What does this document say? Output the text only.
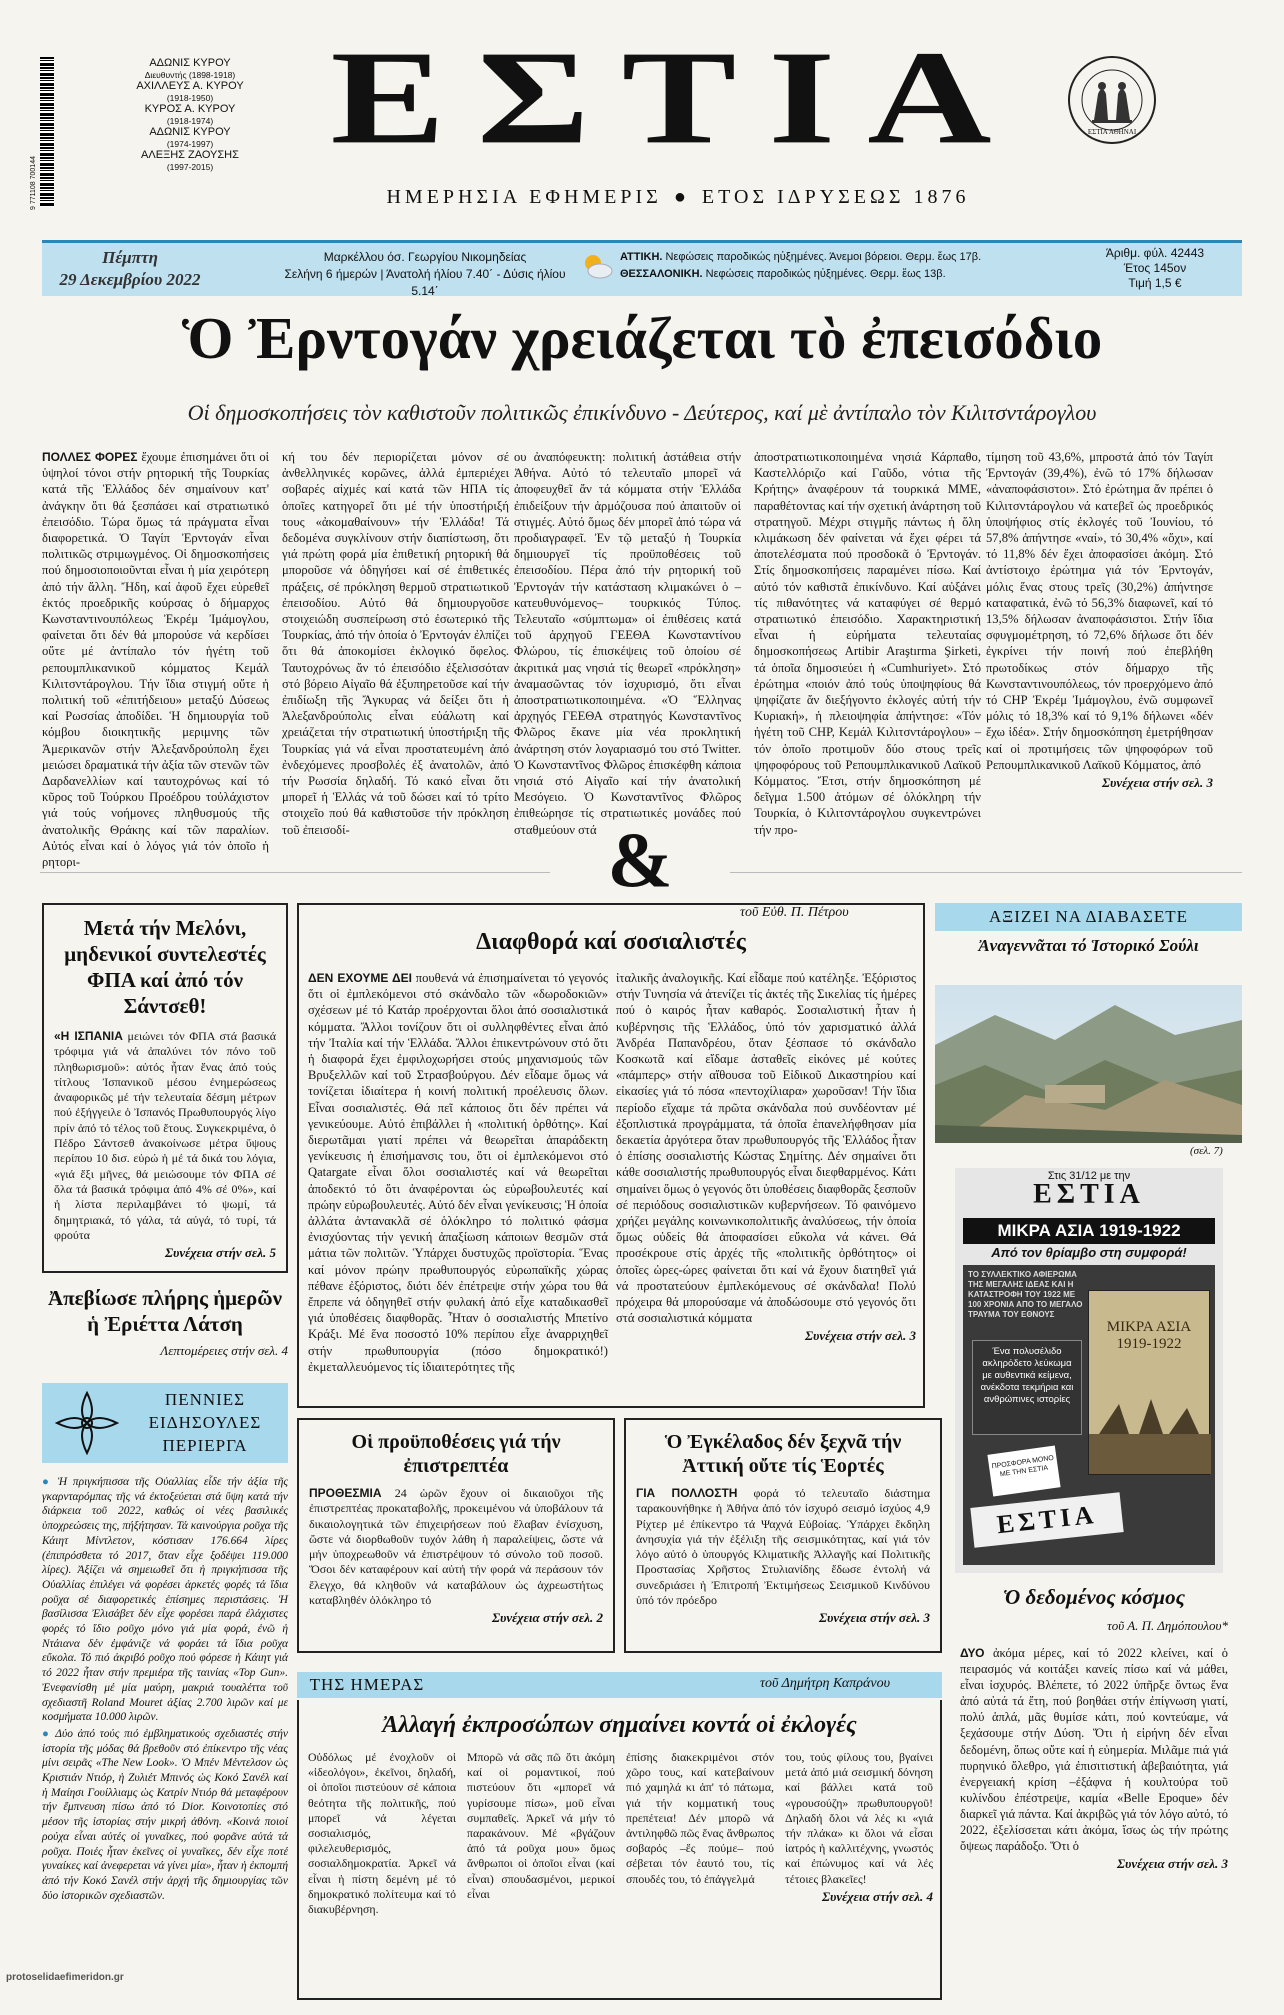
9 771108 700144
ΑΔΩΝΙΣ ΚΥΡΟΥ
Διευθυντής (1898-1918)
ΑΧΙΛΛΕΥΣ Α. ΚΥΡΟΥ
(1918-1950)
ΚΥΡΟΣ Α. ΚΥΡΟΥ
(1918-1974)
ΑΔΩΝΙΣ ΚΥΡΟΥ
(1974-1997)
ΑΛΕΞΗΣ ΖΑΟΥΣΗΣ
(1997-2015) ΕΣΤΙΑ
ΗΜΕΡΗΣΙΑ ΕΦΗΜΕΡΙΣ ● ΕΤΟΣ ΙΔΡΥΣΕΩΣ 1876
ΕΣΤΙΑ ΑΘΗΝΑΙ
Πέμπτη
29 Δεκεμβρίου 2022
Μαρκέλλου όσ. Γεωργίου Νικομηδείας
Σελήνη 6 ήμερών | Άνατολή ήλίου 7.40΄ - Δύσις ήλίου 5.14΄
ΑΤΤΙΚΗ. Νεφώσεις παροδικώς ηὐξημένες. Άνεμοι βόρειοι. Θερμ. ἕως 17β.
ΘΕΣΣΑΛΟΝΙΚΗ. Νεφώσεις παροδικώς ηὐξημένες. Θερμ. ἕως 13β.
Άριθμ. φύλ. 42443
Έτος 145ον
Τιμή 1,5 €
Ὁ Ἐρντογάν χρειάζεται τὸ ἐπεισόδιο
Οἱ δημοσκοπήσεις τὸν καθιστοῦν πολιτικῶς ἐπικίνδυνο - Δεύτερος, καί μὲ ἀντίπαλο τὸν Κιλιτσντάρογλου
ΠΟΛΛΕΣ ΦΟΡΕΣ ἔχουμε ἐπισημάνει ὅτι οἱ ὑψηλοί τόνοι στήν ρητορική τῆς Τουρκίας κατά τῆς Ἑλλάδος δέν σημαίνουν κατ' ἀνάγκην ὅτι θά ξεσπάσει καί στρατιωτικό ἐπεισόδιο. Τώρα ὅμως τά πράγματα εἶναι διαφορετικά. Ὁ Ταγίπ Ἐρντογάν εἶναι πολιτικῶς στριμωγμένος. Οἱ δημοσκοπήσεις πού δημοσιοποιοῦνται εἶναι ἡ μία χειρότερη ἀπό τήν ἄλλη. Ἤδη, καί ἀφοῦ ἔχει εὑρεθεῖ ἐκτός προεδρικῆς κούρσας ὁ δήμαρχος Κωνσταντινουπόλεως Ἐκρέμ Ἰμάμογλου, φαίνεται ὅτι δέν θά μπορούσε νά κερδίσει οὔτε μέ ἀντίπαλο τόν ἡγέτη τοῦ ρεπουμπλικανικοῦ κόμματος Κεμάλ Κιλιτσντάρογλου. Τήν ἴδια στιγμή οὔτε ἡ πολιτική τοῦ «ἐπιτήδειου» μεταξύ Δύσεως καί Ρωσσίας ἀποδίδει. Ἡ δημιουργία τοῦ κόμβου διοικητικῆς μεριμνης τῶν Ἀμερικανῶν στήν Ἀλεξανδρούπολη ἔχει μειώσει δραματικά τήν ἀξία τῶν στενῶν τῶν Δαρδανελλίων καί ταυτοχρόνως καί τό κῦρος τοῦ Τούρκου Προέδρου τοὐλάχιστον γιά τούς νοήμονες πληθυσμούς τῆς ἀνατολικῆς Θράκης καί τῶν παραλίων. Αὐτός εἶναι καί ὁ λόγος γιά τόν ὁποῖο ἡ ρητορι-
κή του δέν περιορίζεται μόνον σέ ἀνθελληνικές κορῶνες, ἀλλά ἐμπεριέχει σοβαρές αἰχμές καί κατά τῶν ΗΠΑ τίς ὁποῖες κατηγορεῖ ὅτι μέ τήν ὑποστήριξή τους «ἀκομαθαίνουν» τήν Ἑλλάδα! Τά δεδομένα συγκλίνουν στήν διαπίστωση, ὅτι γιά πρώτη φορά μία ἐπιθετική ρητορική θά μποροῦσε νά ὁδηγήσει καί σέ ἐπιθετικές πράξεις, σέ πρόκληση θερμοῦ στρατιωτικοῦ ἐπεισοδίου. Αὐτό θά δημιουργοῦσε στοιχειώδη συσπείρωση στό ἐσωτερικό τῆς Τουρκίας, ἀπό τήν ὁποία ὁ Ἐρντογάν ἐλπίζει ὅτι θά ἀποκομίσει ἐκλογικό ὄφελος. Ταυτοχρόνως ἄν τό ἐπεισόδιο ἐξελισσόταν στό βόρειο Αἰγαῖο θά ἐξυπηρετοῦσε καί τήν ἐπιδίωξη τῆς Ἄγκυρας νά δείξει ὅτι ἡ Ἀλεξανδρούπολις εἶναι εὐάλωτη καί χρειάζεται τήν στρατιωτική ὑποστήριξη τῆς Τουρκίας γιά νά εἶναι προστατευμένη ἀπό ἐνδεχόμενες προσβολές ἐξ ἀνατολῶν, ἀπό τήν Ρωσσία δηλαδή. Τό κακό εἶναι ὅτι μπορεῖ ἡ Ἑλλάς νά τοῦ δώσει καί τό τρίτο στοιχεῖο πού θά καθιστοῦσε τήν πρόκληση τοῦ ἐπεισοδί-
ου ἀναπόφευκτη: πολιτική ἀστάθεια στήν Ἀθήνα. Αὐτό τό τελευταῖο μπορεῖ νά ἀποφευχθεῖ ἄν τά κόμματα στήν Ἑλλάδα ἐπιδείξουν τήν ἀρμόζουσα πού ἀπαιτοῦν οἱ στιγμές. Αὐτό ὅμως δέν μπορεῖ ἀπό τώρα νά προδιαγραφεῖ. Ἐν τῷ μεταξύ ἡ Τουρκία δημιουργεῖ τίς προϋποθέσεις τοῦ ἐπεισοδίου. Πέρα ἀπό τήν ρητορική τοῦ Ἐρντογάν τήν κατάσταση κλιμακώνει ὁ –κατευθυνόμενος– τουρκικός Τύπος. Τελευταῖο «σύμπτωμα» οἱ ἐπιθέσεις κατά τοῦ ἀρχηγοῦ ΓΕΕΘΑ Κωνσταντίνου Φλώρου, τίς ἐπισκέψεις τοῦ ὁποίου σέ ἀκριτικά μας νησιά τίς θεωρεῖ «πρόκληση» ἀναμασῶντας τόν ἰσχυρισμό, ὅτι εἶναι ἀποστρατιωτικοποιημένα. «Ὁ Ἕλληνας ἀρχηγός ΓΕΕΘΑ στρατηγός Κωνσταντῖνος Φλῶρος ἔκανε μία νέα προκλητική ἀνάρτηση στόν λογαριασμό του στό Twitter. Ὁ Κωνσταντῖνος Φλῶρος ἐπισκέφθη κάποια νησιά στό Αἰγαῖο καί τήν ἀνατολική Μεσόγειο. Ὁ Κωνσταντῖνος Φλῶρος ἐπιθεώρησε τίς στρατιωτικές μονάδες πού σταθμεύουν στά
ἀποστρατιωτικοποιημένα νησιά Κάρπαθο, Καστελλόριζο καί Γαῦδο, νότια τῆς Κρήτης» ἀναφέρουν τά τουρκικά ΜΜΕ, παραθέτοντας καί τήν σχετική ἀνάρτηση τοῦ στρατηγοῦ. Μέχρι στιγμῆς πάντως ἡ ὅλη κλιμάκωση δέν φαίνεται νά ἔχει φέρει τά ἀποτελέσματα πού προσδοκᾶ ὁ Ἐρντογάν. Στίς δημοσκοπήσεις παραμένει πίσω. Καί αὐτό τόν καθιστᾶ ἐπικίνδυνο. Καί αὐξάνει τίς πιθανότητες νά καταφύγει σέ θερμό στρατιωτικό ἐπεισόδιο. Χαρακτηριστική εἶναι ἡ εὑρήματα τελευταίας δημοσκοπήσεως Artibir Araştırma Şirketi, τά ὁποῖα δημοσιεύει ἡ «Cumhuriyet». Στό ἐρώτημα «ποιόν ἀπό τούς ὑποψηφίους θά ψηφίζατε ἄν διεξήγοντο ἐκλογές αὐτή τήν Κυριακή», ἡ πλειοψηφία ἀπήντησε: «Τόν ἡγέτη τοῦ CHP, Κεμάλ Κιλιτσντάρογλου» –τόν ὁποῖο προτιμοῦν δύο στους τρεῖς ψηφοφόρους τοῦ Ρεπουμπλικανικοῦ Λαϊκοῦ Κόμματος. Ἔτσι, στήν δημοσκόπηση μέ δεῖγμα 1.500 ἀτόμων σέ ὁλόκληρη τήν Τουρκία, ὁ Κιλιτσντάρογλου συγκεντρώνει τήν προ-
τίμηση τοῦ 43,6%, μπροστά ἀπό τόν Ταγίπ Ἐρντογάν (39,4%), ἐνῶ τό 17% δήλωσαν «ἀναποφάσιστοι». Στό ἐρώτημα ἄν πρέπει ὁ Κιλιτσντάρογλου νά κατεβεῖ ὡς προεδρικός ὑποψήφιος στίς ἐκλογές τοῦ Ἰουνίου, τό 57,8% ἀπήντησε «ναί», τό 30,4% «ὄχι», καί τό 11,8% δέν ἔχει ἀποφασίσει ἀκόμη. Στό ἀντίστοιχο ἐρώτημα γιά τόν Ἐρντογάν, μόλις ἕνας στους τρεῖς (30,2%) ἀπήντησε καταφατικά, ἐνῶ τό 56,3% διαφωνεῖ, καί τό 13,5% δήλωσαν ἀναποφάσιστοι. Στήν ἴδια σφυγμομέτρηση, τό 72,6% δήλωσε ὅτι δέν ἐγκρίνει τήν ποινή πού ἐπεβλήθη πρωτοδίκως στόν δήμαρχο τῆς Κωνσταντινουπόλεως, τόν προερχόμενο ἀπό τό CHP Ἐκρέμ Ἰμάμογλου, ἐνῶ συμφωνεῖ μόλις τό 18,3% καί τό 9,1% δήλωνει «δέν ἔχω ἰδέα». Στήν δημοσκόπηση ἐμετρήθησαν καί οἱ προτιμήσεις τῶν ψηφοφόρων τοῦ Ρεπουμπλικανικοῦ Λαϊκοῦ Κόμματος, ἀπό
Συνέχεια στήν σελ. 3
&
Μετά τήν Μελόνι, μηδενικοί συντελεστές ΦΠΑ καί ἀπό τόν Σάντσεθ!
«Η ΙΣΠΑΝΙΑ μειώνει τόν ΦΠΑ στά βασικά τρόφιμα γιά νά ἀπαλύνει τόν πόνο τοῦ πληθωρισμοῦ»: αὐτός ἦταν ἕνας ἀπό τούς τίτλους Ἰσπανικοῦ μέσου ἐνημερώσεως ἀναφορικῶς μέ τήν τελευταία δέσμη μέτρων πού ἐξήγγειλε ὁ Ἰσπανός Πρωθυπουργός λίγο πρίν ἀπό τό τέλος τοῦ ἔτους. Συγκεκριμένα, ὁ Πέδρο Σάντσεθ ἀνακοίνωσε μέτρα ὕψους περίπου 10 δισ. εὐρώ ἡ μέ τά δικά του λόγια, «γιά ἕξι μῆνες, θά μειώσουμε τόν ΦΠΑ σέ ὅλα τά βασικά τρόφιμα ἀπό 4% σέ 0%», καί ἡ λίστα περιλαμβάνει τό ψωμί, τά δημητριακά, τό γάλα, τά αὐγά, τό τυρί, τά φρούτα
Συνέχεια στήν σελ. 5
Ἀπεβίωσε πλήρης ἡμερῶν ἡ Ἐριέττα Λάτση
Λεπτομέρειες στήν σελ. 4
ΠΕΝΝΙΕΣ ΕΙΔΗΣΟΥΛΕΣ ΠΕΡΙΕΡΓΑ
● Ἡ πριγκήπισσα τῆς Οὐαλλίας εἶδε τήν ἀξία τῆς γκαρνταρόμπας τῆς νά ἐκτοξεύεται στά ὕψη κατά τήν διάρκεια τοῦ 2022, καθώς οἱ νέες βασιλικές ὑποχρεώσεις της, πήξήτησαν. Τά καινούργια ροῦχα τῆς Κάιητ Μίντλετον, κόστισαν 176.664 λίρες (ἐπιπρόσθετα τό 2017, ὅταν εἶχε ξοδέψει 119.000 λίρες). Ἀξίζει νά σημειωθεῖ ὅτι ἡ πριγκήπισσα τῆς Οὐαλλίας ἐπιλέγει νά φορέσει ἀρκετές φορές τά ἴδια ροῦχα σέ διαφορετικές ἐπίσημες περιστάσεις. Ἡ βασίλισσα Ἐλισάβετ δέν εἶχε φορέσει παρά ἐλάχιστες φορές τό ἴδιο ροῦχο μόνο γιά μία φορά, ἐνῶ ἡ Ντάιανα δέν ἐμφάνιζε νά φοράει τά ἴδια ροῦχα εὔκολα. Τό πιό ἀκριβό ροῦχο πού φόρεσε ἡ Κάιητ γιά τό 2022 ἦταν στήν πρεμιέρα τῆς ταινίας «Top Gun». Ἐνεφανίσθη μέ μία μαύρη, μακριά τουαλέττα τοῦ σχεδιαστῆ Roland Mouret ἀξίας 2.700 λιρῶν καί με κοσμήματα 10.000 λιρῶν.
● Δύο ἀπό τούς πιό ἐμβληματικούς σχεδιαστές στήν ἱστορία τῆς μόδας θά βρεθοῦν στό ἐπίκεντρο τῆς νέας μίνι σειρᾶς «The New Look». Ὁ Μπέν Μέντελσον ὡς Κριστιάν Ντιόρ, ἡ Ζυλιέτ Μπινός ὡς Κοκό Σανέλ καί ἡ Μαίησι Γουίλλιαμς ὡς Κατρίν Ντιόρ θά μεταφέρουν τήν ἔμπνευση πίσω ἀπό τό Dior. Κοινοτοπίες στό μέσον τῆς ἱστορίας στήν μικρή ἀθόνη. «Κοινά ποιοί ρούχα εἶναι αὐτές οἱ γυναῖκες, πού φορᾶνε αὐτά τά ροῦχα. Ποιές ἦταν ἐκεῖνες οἱ γυναῖκες, δέν εἶχε ποτέ γυναίκες καί ἀνεφερεται νά γίνει μία», ἦταν ἡ ἐκπομπή ἀπό τήν Κοκό Σανέλ στήν ἀρχή τῆς δημιουργίας τῶν δύο ἱστορικῶν σχεδιαστῶν.
τοῦ Εὐθ. Π. Πέτρου
Διαφθορά καί σοσιαλιστές
ΔΕΝ ΕΧΟΥΜΕ ΔΕΙ πουθενά νά ἐπισημαίνεται τό γεγονός ὅτι οἱ ἐμπλεκόμενοι στό σκάνδαλο τῶν «δωροδοκιῶν» σχέσεων μέ τό Κατάρ προέρχονται ὅλοι ἀπό σοσιαλιστικά κόμματα. Ἄλλοι τονίζουν ὅτι οἱ συλληφθέντες εἶναι ἀπό τήν Ἰταλία καί τήν Ἑλλάδα. Ἄλλοι ἐπικεντρώνουν στό ὅτι ἡ διαφορά ἔχει ἐμφιλοχωρήσει στούς μηχανισμούς τῶν Βρυξελλῶν καί τοῦ Στρασβούργου. Δέν εἶδαμε ὅμως νά τονίζεται ἰδιαίτερα ἡ κοινή πολιτική προέλευσις ὅλων. Εἶναι σοσιαλιστές. Θά πεῖ κάποιος ὅτι δέν πρέπει νά γενικεύουμε. Αὐτό ἐπιβάλλει ἡ «πολιτική ὀρθότης». Καί διερωτᾶμαι γιατί πρέπει νά θεωρεῖται ἀπαράδεκτη γενίκευσις ἡ ἐπισήμανσις του, ὅτι οἱ ἐμπλεκόμενοι στό Qatargate εἶναι ὅλοι σοσιαλιστές καί νά θεωρεῖται ἀποδεκτό τό ὅτι ἀναφέρονται ὡς εὐρωβουλευτές καί πρώην εὐρωβουλευτές. Αὐτό δέν εἶναι γενίκευσις; Ἡ ὁποία ἀλλάτα ἀντανακλᾶ σέ ὁλόκληρο τό πολιτικό φάσμα ἐνισχύοντας τήν γενική ἀπαξίωση κάποιων θεσμῶν στά μάτια τῶν πολιτῶν. Ὑπάρχει δυστυχῶς προϊστορία. Ἕνας καί μόνον πρώην πρωθυπουργός εὐρωπαϊκῆς χώρας πέθανε ἐξόριστος, διότι δέν ἐπέτρεψε στήν χώρα του θά ἔπρεπε νά ὁδηγηθεῖ στήν φυλακή ἀπό εἶχε καταδικασθεῖ γιά ὑποθέσεις διαφθορᾶς. Ἦταν ὁ σοσιαλιστής Μπετίνο Κράξι. Μέ ἕνα ποσοστό 10% περίπου εἶχε ἀναρριχηθεῖ στήν πρωθυπουργία (πόσο δημοκρατικό!) ἐκμεταλλευόμενος τίς ἰδιαιτερότητες τῆς
ἰταλικῆς ἀναλογικῆς. Καί εἶδαμε πού κατέληξε. Ἐξόριστος στήν Τυνησία νά ἀτενίζει τίς ἀκτές τῆς Σικελίας τίς ἡμέρες πού ὁ καιρός ἦταν καθαρός. Σοσιαλιστική ἦταν ἡ κυβέρνησις τῆς Ἑλλάδος, ὑπό τόν χαρισματικό ἀλλά Ἀνδρέα Παπανδρέου, ὅταν ξέσπασε τό σκάνδαλο Κοσκωτᾶ καί εἴδαμε ἀσταθεῖς εἰκόνες μέ κούτες «πάμπερς» στήν αἴθουσα τοῦ Εἰδικοῦ Δικαστηρίου καί εἰκασίες γιά τό πόσα «πεντοχίλιαρα» χωροῦσαν! Τήν ἴδια περίοδο εἴχαμε τά πρῶτα σκάνδαλα πού συνδέονταν μέ ἐξοπλιστικά προγράμματα, τά ὁποῖα ἐπανελήφθησαν μία δεκαετία ἀργότερα ὅταν πρωθυπουργός τῆς Ἑλλάδος ἦταν ὁ ἐπίσης σοσιαλιστής Κώστας Σημίτης. Δέν σημαίνει ὅτι κάθε σοσιαλιστής πρωθυπουργός εἶναι διεφθαρμένος. Κάτι σημαίνει ὅμως ὁ γεγονός ὅτι ὑποθέσεις διαφθορᾶς ξεσποῦν σέ περιόδους σοσιαλιστικῶν κυβερνήσεων. Τό φαινόμενο χρήζει μεγάλης κοινωνικοπολιτικῆς ἀναλύσεως, τήν ὁποία ὅμως οὐδείς θά ἀποφασίσει εὔκολα νά κάνει. Θά προσέκρουε στίς ἀρχές τῆς «πολιτικῆς ὀρθότητος» οἱ ὁποῖες ὡρες-ώρες φαίνεται ὅτι καί νά ἔχουν διατηθεῖ γιά νά προστατεύουν ἐμπλεκόμενους σέ σκάνδαλα! Πολύ πρόχειρα θά μπορούσαμε νά ἀποδώσουμε στό γεγονός ὅτι στά σοσιαλιστικά κόμματα
Συνέχεια στήν σελ. 3
ΑΞΙΖΕΙ ΝΑ ΔΙΑΒΑΣΕΤΕ
Ἀναγεννᾶται τό Ἱστορικό Σούλι
(σελ. 7)
Στις 31/12 με την
ΕΣΤΙΑ
ΜΙΚΡΑ ΑΣΙΑ 1919-1922
Από τον θρίαμβο στη συμφορά!
ΤΟ ΣΥΛΛΕΚΤΙΚΟ ΑΦΙΕΡΩΜΑ ΤΗΣ ΜΕΓΑΛΗΣ ΙΔΕΑΣ ΚΑΙ Η ΚΑΤΑΣΤΡΟΦΗ ΤΟΥ 1922 ΜΕ 100 ΧΡΟΝΙΑ ΑΠΟ ΤΟ ΜΕΓΑΛΟ ΤΡΑΥΜΑ ΤΟΥ ΕΘΝΟΥΣ
ΜΙΚΡΑ ΑΣΙΑ 1919-1922
Ένα πολυσέλιδο ακληρόδετο λεύκωμα με αυθεντικά κείμενα, ανέκδοτα τεκμήρια και ανθρώπινες ιστορίες
ΠΡΟΣΦΟΡΑ ΜΟΝΟ ΜΕ ΤΗΝ ΕΣΤΙΑ
ΕΣΤΙΑ
Οἱ προϋποθέσεις γιά τήν ἐπιστρεπτέα
ΠΡΟΘΕΣΜΙΑ 24 ὡρῶν ἔχουν οἱ δικαιοῦχοι τῆς ἐπιστρεπτέας προκαταβολῆς, προκειμένου νά ὑποβάλουν τά δικαιολογητικά τῶν ἐπιχειρήσεων πού ἔλαβαν ἐνίσχυση, ὥστε νά διορθωθοῦν τυχόν λάθη ἡ παραλείψεις, ὥστε νά μήν ὑποχρεωθοῦν νά ἐπιστρέψουν τό σύνολο τοῦ ποσοῦ. Ὅσοι δέν καταφέρουν καί αὐτή τήν φορά νά περάσουν τόν ἔλεγχο, θά κληθοῦν νά καταβάλουν ὡς ἀχρεωστήτως καταβληθέν ὁλόκληρο τό
Συνέχεια στήν σελ. 2
Ὁ Ἐγκέλαδος δέν ξεχνᾶ τήν Ἀττική οὔτε τίς Ἑορτές
ΓΙΑ ΠΟΛΛΟΣΤΗ φορά τό τελευταῖο διάστημα ταρακουνήθηκε ἡ Ἀθήνα ἀπό τόν ἰσχυρό σεισμό ἰσχύος 4,9 Ρίχτερ μέ ἐπίκεντρο τά Ψαχνά Εὐβοίας. Ὑπάρχει ἔκδηλη ἀνησυχία γιά τήν ἐξέλιξη τῆς σεισμικότητας, καί γιά τόν λόγο αὐτό ὁ ὑπουργός Κλιματικῆς Ἀλλαγῆς καί Πολιτικῆς Προστασίας Χρῆστος Στυλιανίδης ἔδωσε ἐντολή νά συνεδριάσει ἡ Ἐπιτροπή Ἐκτιμήσεως Σεισμικοῦ Κινδύνου ὑπό τόν πρόεδρο
Συνέχεια στήν σελ. 3
ΤΗΣ ΗΜΕΡΑΣ	τοῦ Δημήτρη Καπράνου
Ἀλλαγή ἐκπροσώπων σημαίνει κοντά οἱ ἐκλογές
Οὐδόλως μέ ἐνοχλοῦν οἱ «ἰδεολόγοι», ἐκεῖνοι, δηλαδή, οἱ ὁποῖοι πιστεύουν σέ κάποια θεότητα τῆς πολιτικῆς, πού μπορεῖ νά λέγεται σοσιαλισμός, φιλελευθερισμός, σοσιαλδημοκρατία. Ἀρκεῖ νά εἶναι ἡ πίστη δεμένη μέ τό δημοκρατικό πολίτευμα καί τό διακυβέρνηση.
Μπορῶ νά σᾶς πῶ ὅτι ἀκόμη καί οἱ ρομαντικοί, πού πιστεύουν ὅτι «μπορεῖ νά γυρίσουμε πίσω», μοῦ εἶναι συμπαθεῖς. Ἀρκεῖ νά μήν τό παρακάνουν. Μέ «βγάζουν ἀπό τά ροῦχα μου» ὅμως ἄνθρωποι οἱ ὁποῖοι εἶναι (καί εἶναι) σπουδασμένοι, μερικοί εἶναι
ἐπίσης διακεκριμένοι στόν χῶρο τους, καί κατεβαίνουν πιό χαμηλά κι ἀπ' τό πάτωμα, γιά τήν κομματική τους πρεπέτεια! Δέν μπορῶ νά ἀντιληφθῶ πῶς ἕνας ἄνθρωπος σοβαρός –ἔς πούμε– πού σέβεται τόν ἑαυτό του, τίς σπουδές του, τό ἐπάγγελμά
του, τούς φίλους του, βγαίνει μετά ἀπό μιά σεισμική δόνηση καί βάλλει κατά τοῦ «γρουσούζη» πρωθυπουργοῦ! Δηλαδή ὅλοι νά λές κι «γιά τήν πλάκα» κι ὅλοι νά εἶσαι ἰατρός ἡ καλλιτέχνης, γνωστός καί ἐπώνυμος καί νά λές τέτοιες βλακεῖες!
Συνέχεια στήν σελ. 4
Ὁ δεδομένος κόσμος
τοῦ Α. Π. Δημόπουλου*
ΔΥΟ ἀκόμα μέρες, καί τό 2022 κλείνει, καί ὁ πειρασμός νά κοιτάξει κανείς πίσω καί νά μάθει, εἶναι ἰσχυρός. Βλέπετε, τό 2022 ὑπῆρξε ὄντως ἕνα ἀπό αὐτά τά ἔτη, πού βοηθάει στήν ἐπίγνωση γιατί, πολύ ἁπλά, μᾶς θυμίσε κάτι, πού κοντεύαμε, νά ξεχάσουμε στήν Δύση. Ὅτι ἡ εἰρήνη δέν εἶναι δεδομένη, ὅπως οὔτε καί ἡ εὐημερία. Μιλᾶμε πιά γιά πυρηνικό ὄλεθρο, γιά ἐπισιτιστική ἀβεβαιότητα, γιά ἐνεργειακή κρίση –ἐξάφνα ἡ κουλτούρα τοῦ κυλίνδου ἐπέστρεψε, καμία «Belle Epoque» δέν διαρκεῖ γιά πάντα. Καί ἀκριβῶς γιά τόν λόγο αὐτό, τό 2022, ἐξελίσσεται κάτι ἀκόμα, ἴσως ὡς τήν πρώτης ὄψεως παράδοξο. Ὅτι ὁ
Συνέχεια στήν σελ. 3
protoselidaefimeridon.gr
